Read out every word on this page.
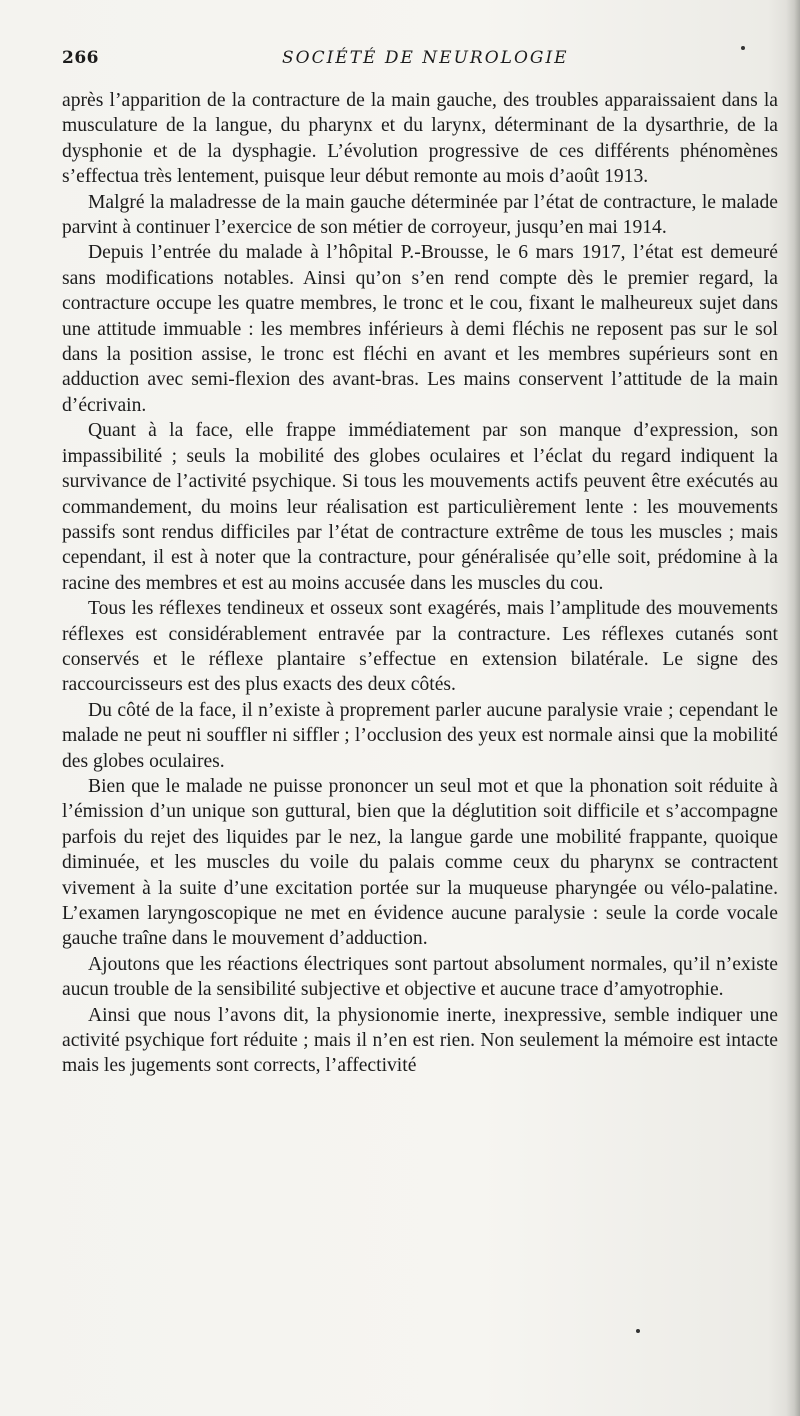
266	SOCIÉTÉ DE NEUROLOGIE

après l’apparition de la contracture de la main gauche, des troubles apparaissaient dans la musculature de la langue, du pharynx et du larynx, déterminant de la dysarthrie, de la dysphonie et de la dysphagie. L’évolution progressive de ces différents phénomènes s’effectua très lentement, puisque leur début remonte au mois d’août 1913.

Malgré la maladresse de la main gauche déterminée par l’état de contracture, le malade parvint à continuer l’exercice de son métier de corroyeur, jusqu’en mai 1914.

Depuis l’entrée du malade à l’hôpital P.-Brousse, le 6 mars 1917, l’état est demeuré sans modifications notables. Ainsi qu’on s’en rend compte dès le premier regard, la contracture occupe les quatre membres, le tronc et le cou, fixant le malheureux sujet dans une attitude immuable : les membres inférieurs à demi fléchis ne reposent pas sur le sol dans la position assise, le tronc est fléchi en avant et les membres supérieurs sont en adduction avec semi-flexion des avant-bras. Les mains conservent l’attitude de la main d’écrivain.

Quant à la face, elle frappe immédiatement par son manque d’expression, son impassibilité ; seuls la mobilité des globes oculaires et l’éclat du regard indiquent la survivance de l’activité psychique. Si tous les mouvements actifs peuvent être exécutés au commandement, du moins leur réalisation est particulièrement lente : les mouvements passifs sont rendus difficiles par l’état de contracture extrême de tous les muscles ; mais cependant, il est à noter que la contracture, pour généralisée qu’elle soit, prédomine à la racine des membres et est au moins accusée dans les muscles du cou.

Tous les réflexes tendineux et osseux sont exagérés, mais l’amplitude des mouvements réflexes est considérablement entravée par la contracture. Les réflexes cutanés sont conservés et le réflexe plantaire s’effectue en extension bilatérale. Le signe des raccourcisseurs est des plus exacts des deux côtés.

Du côté de la face, il n’existe à proprement parler aucune paralysie vraie ; cependant le malade ne peut ni souffler ni siffler ; l’occlusion des yeux est normale ainsi que la mobilité des globes oculaires.

Bien que le malade ne puisse prononcer un seul mot et que la phonation soit réduite à l’émission d’un unique son guttural, bien que la déglutition soit difficile et s’accompagne parfois du rejet des liquides par le nez, la langue garde une mobilité frappante, quoique diminuée, et les muscles du voile du palais comme ceux du pharynx se contractent vivement à la suite d’une excitation portée sur la muqueuse pharyngée ou vélo-palatine. L’examen laryngoscopique ne met en évidence aucune paralysie : seule la corde vocale gauche traîne dans le mouvement d’adduction.

Ajoutons que les réactions électriques sont partout absolument normales, qu’il n’existe aucun trouble de la sensibilité subjective et objective et aucune trace d’amyotrophie.

Ainsi que nous l’avons dit, la physionomie inerte, inexpressive, semble indiquer une activité psychique fort réduite ; mais il n’en est rien. Non seulement la mémoire est intacte mais les jugements sont corrects, l’affectivité
